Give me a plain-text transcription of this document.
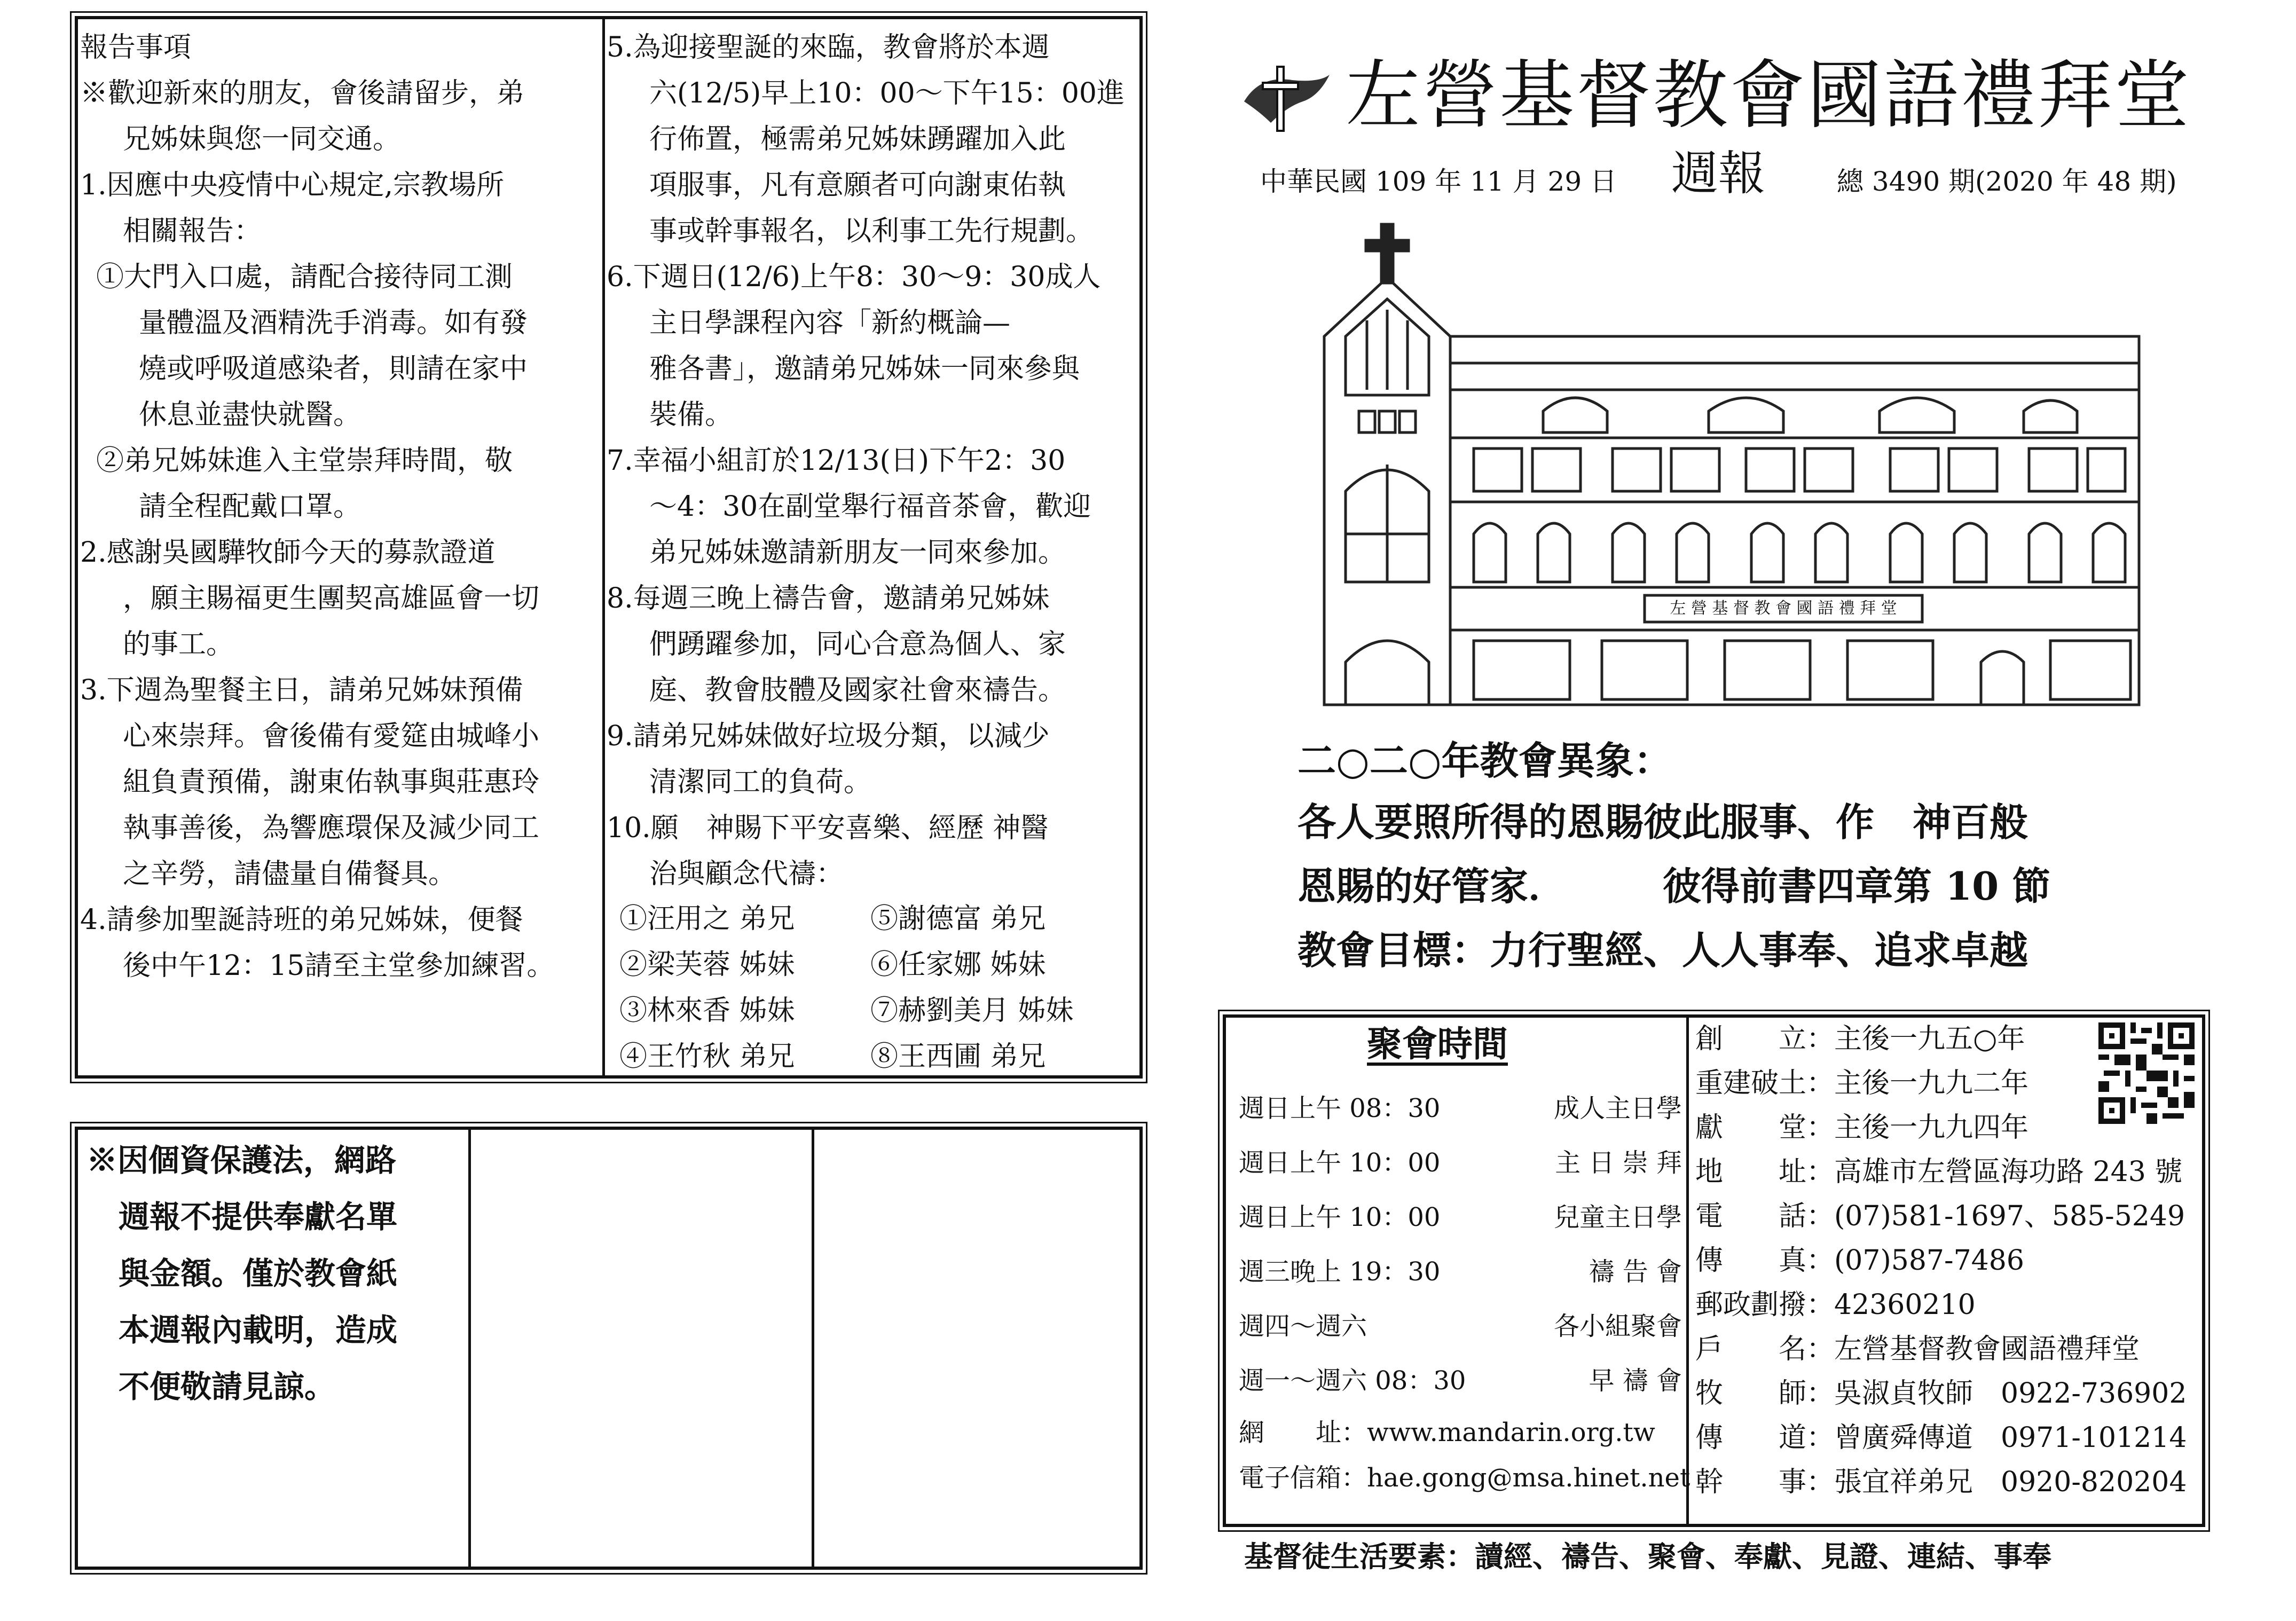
報告事項
※歡迎新來的朋友，會後請留步，弟
兄姊妹與您一同交通。
1.因應中央疫情中心規定,宗教場所
相關報告：
①大門入口處，請配合接待同工測
量體溫及酒精洗手消毒。如有發
燒或呼吸道感染者，則請在家中
休息並盡快就醫。
②弟兄姊妹進入主堂崇拜時間，敬
請全程配戴口罩。
2.感謝吳國驊牧師今天的募款證道
，願主賜福更生團契高雄區會一切
的事工。
3.下週為聖餐主日，請弟兄姊妹預備
心來崇拜。會後備有愛筵由城峰小
組負責預備，謝東佑執事與莊惠玲
執事善後，為響應環保及減少同工
之辛勞，請儘量自備餐具。
4.請參加聖誕詩班的弟兄姊妹，便餐
後中午12：15請至主堂參加練習。
5.為迎接聖誕的來臨，教會將於本週
六(12/5)早上10：00～下午15：00進
行佈置，極需弟兄姊妹踴躍加入此
項服事，凡有意願者可向謝東佑執
事或幹事報名，以利事工先行規劃。
6.下週日(12/6)上午8：30～9：30成人
主日學課程內容「新約概論—
雅各書」，邀請弟兄姊妹一同來參與
裝備。
7.幸福小組訂於12/13(日)下午2：30
～4：30在副堂舉行福音茶會，歡迎
弟兄姊妹邀請新朋友一同來參加。
8.每週三晚上禱告會，邀請弟兄姊妹
們踴躍參加，同心合意為個人、家
庭、教會肢體及國家社會來禱告。
9.請弟兄姊妹做好垃圾分類，以減少
清潔同工的負荷。
10.願　神賜下平安喜樂、經歷 神醫
治與顧念代禱：
①汪用之 弟兄	⑤謝德富 弟兄
②梁芙蓉 姊妹	⑥任家娜 姊妹
③林來香 姊妹	⑦赫劉美月 姊妹
④王竹秋 弟兄	⑧王西圃 弟兄
※因個資保護法，網路
週報不提供奉獻名單
與金額。僅於教會紙
本週報內載明，造成
不便敬請見諒。
左營基督教會國語禮拜堂
中華民國 109 年 11 月 29 日 週報	總 3490 期(2020 年 48 期)
左 營 基 督 教 會 國 語 禮 拜 堂
二○二○年教會異象：
各人要照所得的恩賜彼此服事、作　神百般
恩賜的好管家．　　　彼得前書四章第 10 節
教會目標：力行聖經、人人事奉、追求卓越
聚會時間
週日上午 08：30	成人主日學
週日上午 10：00	主 日 崇 拜
週日上午 10：00	兒童主日學
週三晚上 19：30	禱 告 會
週四～週六	各小組聚會
週一～週六 08：30	早 禱 會
網　　址：www.mandarin.org.tw
電子信箱：hae.gong@msa.hinet.net
創　　立：主後一九五○年
重建破土：主後一九九二年
獻　　堂：主後一九九四年
地　　址：高雄市左營區海功路 243 號
電　　話：(07)581-1697、585-5249
傳　　真：(07)587-7486
郵政劃撥：42360210
戶　　名：左營基督教會國語禮拜堂
牧　　師：吳淑貞牧師　0922-736902
傳　　道：曾廣舜傳道　0971-101214
幹　　事：張宜祥弟兄　0920-820204
基督徒生活要素：讀經、禱告、聚會、奉獻、見證、連結、事奉
